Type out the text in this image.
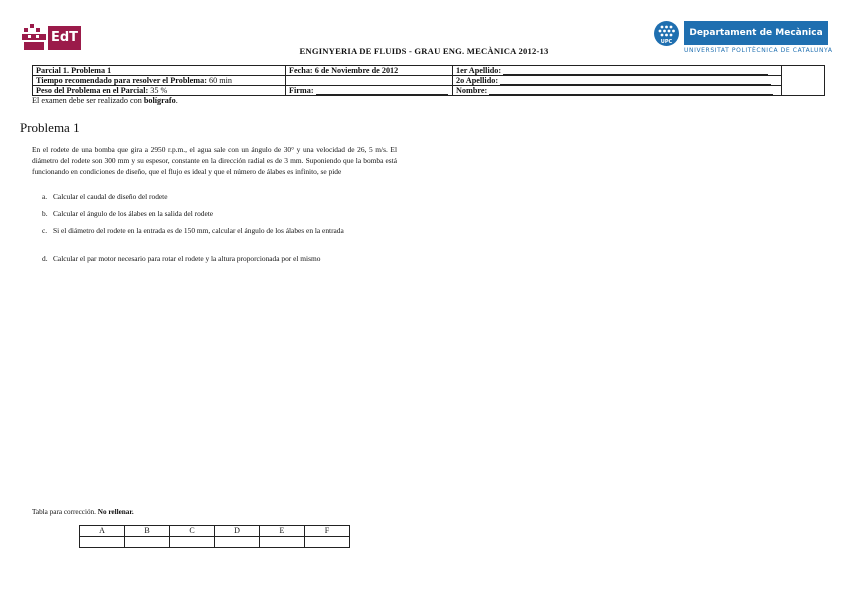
EdT	UPC
Departament de Mecànica de Fluids
UNIVERSITAT POLITÈCNICA DE CATALUNYA
ENGINYERIA DE FLUIDS - GRAU ENG. MECÀNICA 2012-13
Parcial 1. Problema 1	Fecha: 6 de Noviembre de 2012	1er Apellido:	
Tiempo recomendado para resolver el Problema: 60 min		2o Apellido:	
Peso del Problema en el Parcial: 35 %	Firma:	Nombre:	
El examen debe ser realizado con bolígrafo.
Problema 1
En el rodete de una bomba que gira a 2950 r.p.m., el agua sale con un ángulo de 30° y una velocidad de 26, 5 m/s. El diámetro del rodete son 300 mm y su espesor, constante en la dirección radial es de 3 mm. Suponiendo que la bomba está funcionando en condiciones de diseño, que el flujo es ideal y que el número de álabes es infinito, se pide
a. Calcular el caudal de diseño del rodete
b. Calcular el ángulo de los álabes en la salida del rodete
c. Si el diámetro del rodete en la entrada es de 150 mm, calcular el ángulo de los álabes en la entrada
d. Calcular el par motor necesario para rotar el rodete y la altura proporcionada por el mismo
Tabla para corrección. No rellenar.
A	B	C	D	E	F
